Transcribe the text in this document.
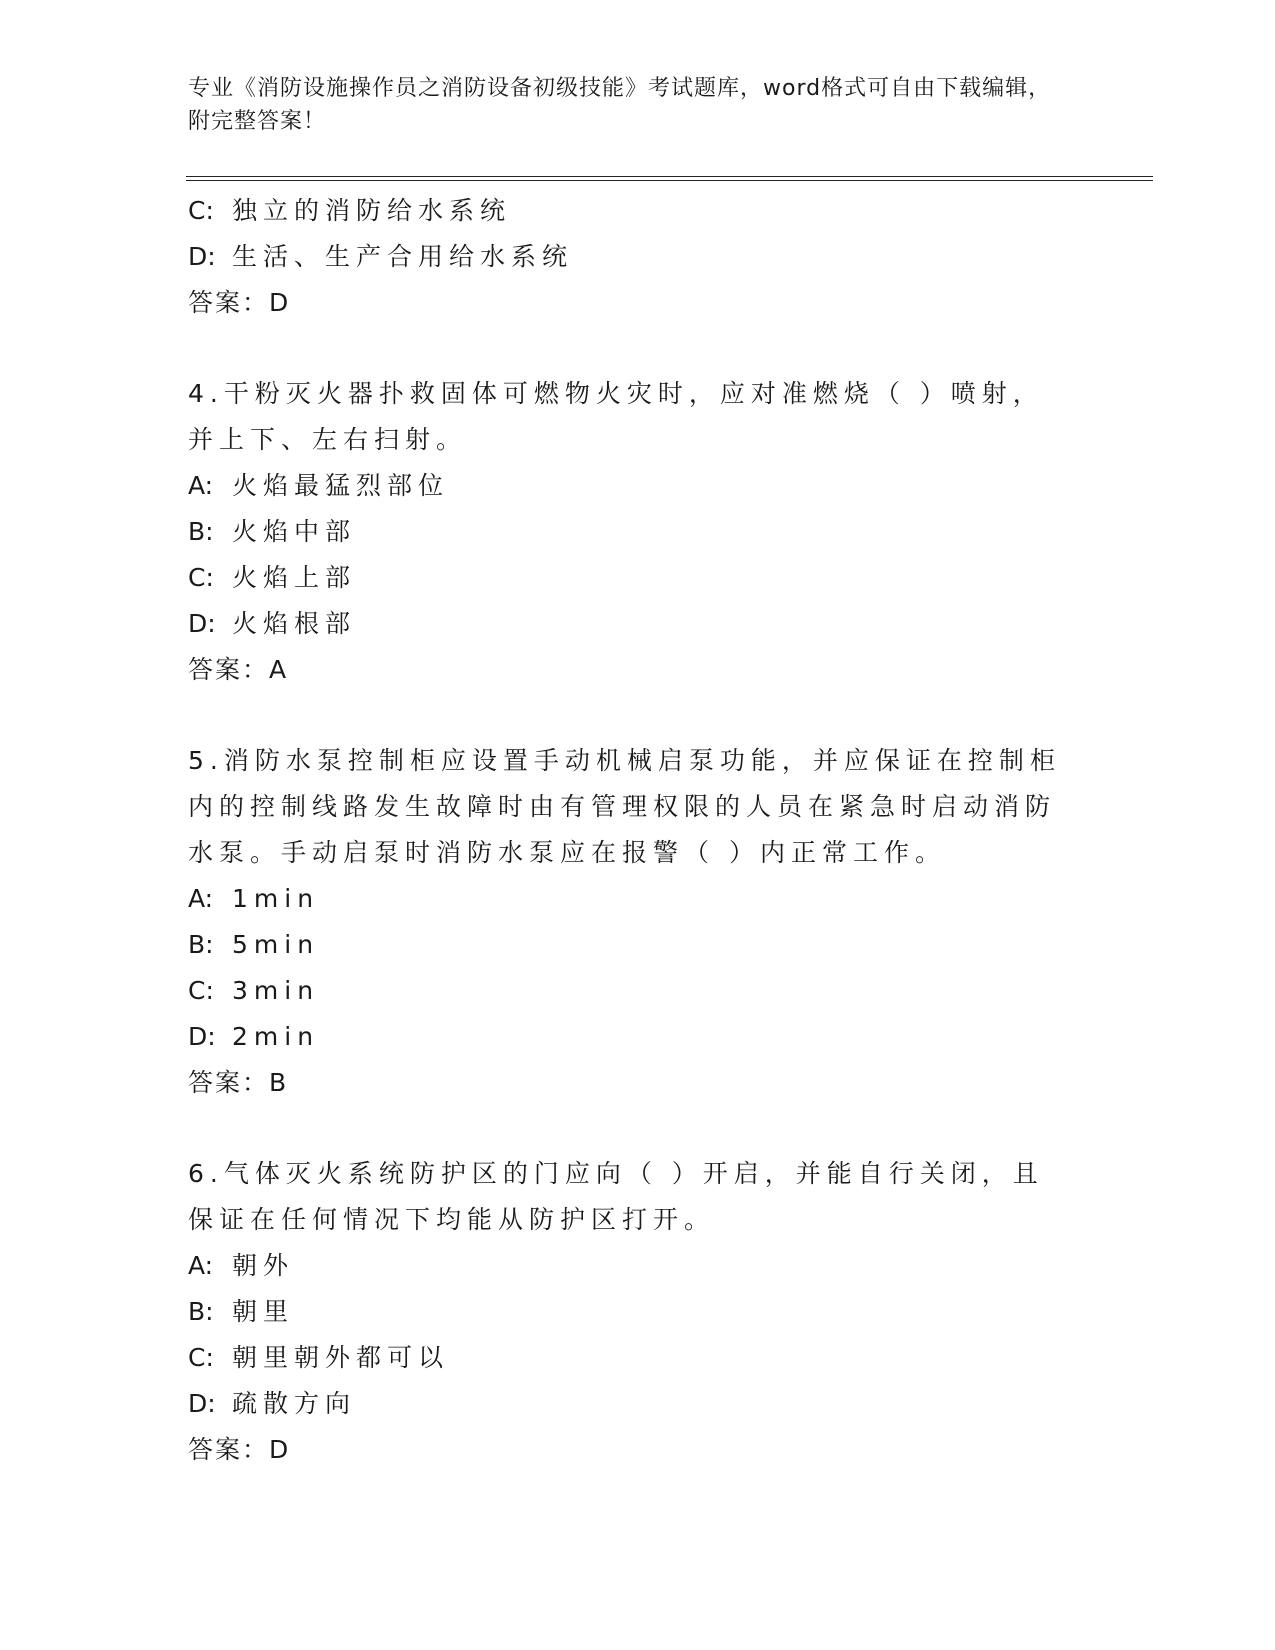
专业《消防设施操作员之消防设备初级技能》考试题库，word格式可自由下载编辑，附完整答案！
C: 独立的消防给水系统
D: 生活、生产合用给水系统
答案：D
4.干粉灭火器扑救固体可燃物火灾时，应对准燃烧（ ）喷射，并上下、左右扫射。
A: 火焰最猛烈部位
B: 火焰中部
C: 火焰上部
D: 火焰根部
答案：A
5.消防水泵控制柜应设置手动机械启泵功能，并应保证在控制柜内的控制线路发生故障时由有管理权限的人员在紧急时启动消防水泵。手动启泵时消防水泵应在报警（ ）内正常工作。
A: 1min
B: 5min
C: 3min
D: 2min
答案：B
6.气体灭火系统防护区的门应向（ ）开启，并能自行关闭，且保证在任何情况下均能从防护区打开。
A: 朝外
B: 朝里
C: 朝里朝外都可以
D: 疏散方向
答案：D
